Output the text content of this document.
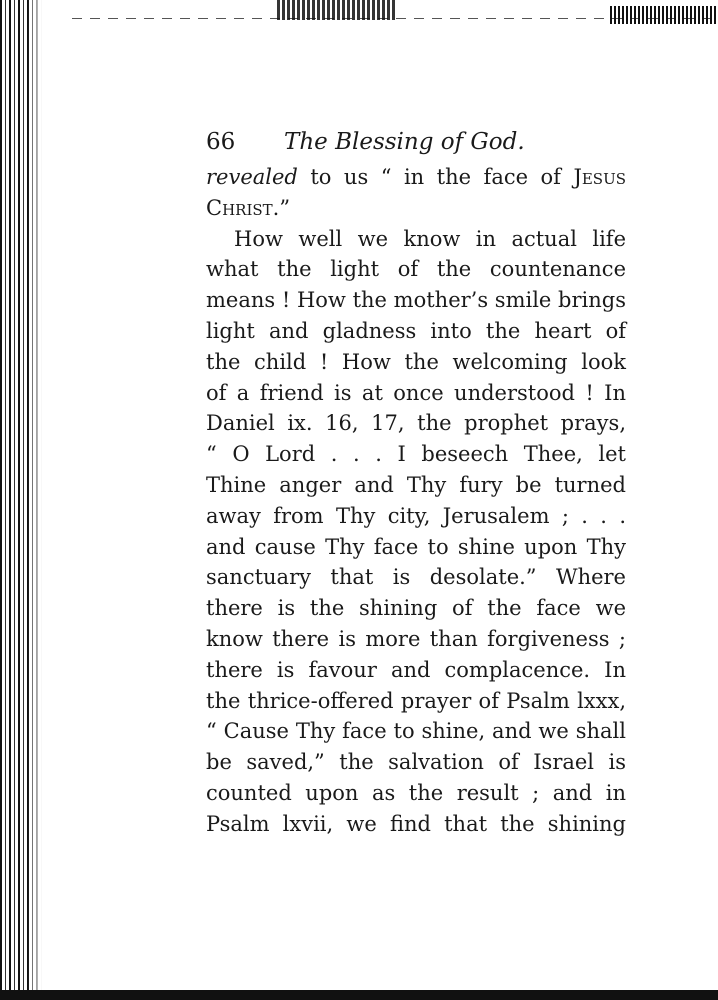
66 The Blessing of God.
revealed to us “ in the face of Jesus
Christ.”
How well we know in actual life
what the light of the countenance
means ! How the mother’s smile brings
light and gladness into the heart of
the child ! How the welcoming look
of a friend is at once understood ! In
Daniel ix. 16, 17, the prophet prays,
“ O Lord . . . I beseech Thee, let
Thine anger and Thy fury be turned
away from Thy city, Jerusalem ; . . .
and cause Thy face to shine upon Thy
sanctuary that is desolate.” Where
there is the shining of the face we
know there is more than forgiveness ;
there is favour and complacence. In
the thrice-offered prayer of Psalm lxxx,
“ Cause Thy face to shine, and we shall
be saved,” the salvation of Israel is
counted upon as the result ; and in
Psalm lxvii, we find that the shining
